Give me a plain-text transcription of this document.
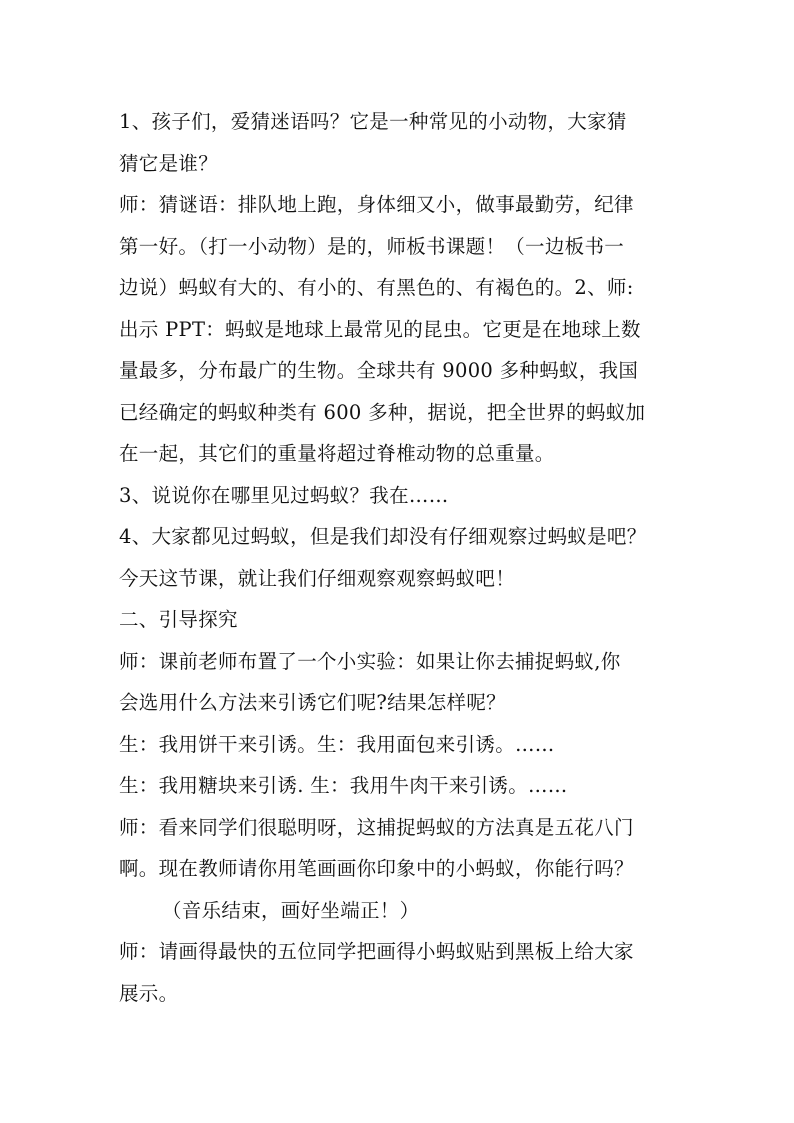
1、孩子们，爱猜迷语吗？它是一种常见的小动物，大家猜
猜它是谁？
师：猜谜语：排队地上跑，身体细又小，做事最勤劳，纪律
第一好。（打一小动物）是的，师板书课题！（一边板书一
边说）蚂蚁有大的、有小的、有黑色的、有褐色的。2、师:
出示 PPT：蚂蚁是地球上最常见的昆虫。它更是在地球上数
量最多，分布最广的生物。全球共有 9000 多种蚂蚁，我国
已经确定的蚂蚁种类有 600 多种，据说，把全世界的蚂蚁加
在一起，其它们的重量将超过脊椎动物的总重量。
3、说说你在哪里见过蚂蚁？我在……
4、大家都见过蚂蚁，但是我们却没有仔细观察过蚂蚁是吧？
今天这节课，就让我们仔细观察观察蚂蚁吧！
二、引导探究
师：课前老师布置了一个小实验：如果让你去捕捉蚂蚁,你
会选用什么方法来引诱它们呢?结果怎样呢？
生：我用饼干来引诱。生：我用面包来引诱。……
生：我用糖块来引诱. 生：我用牛肉干来引诱。……
师：看来同学们很聪明呀，这捕捉蚂蚁的方法真是五花八门
啊。现在教师请你用笔画画你印象中的小蚂蚁，你能行吗？
（音乐结束，画好坐端正！）
师：请画得最快的五位同学把画得小蚂蚁贴到黑板上给大家
展示。
